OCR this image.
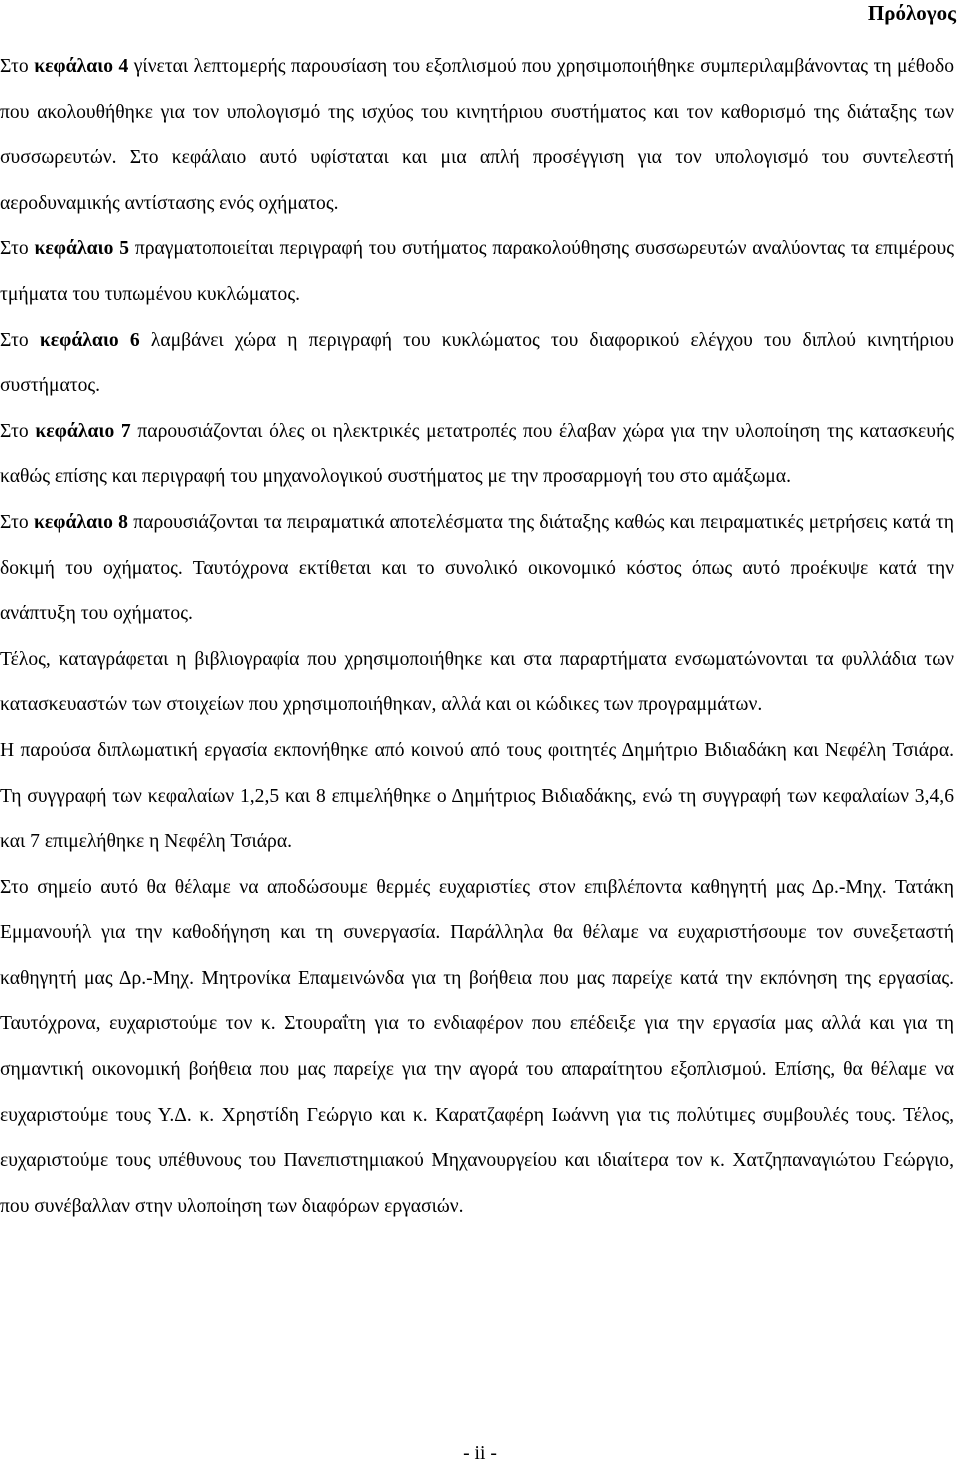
Πρόλογος

Στο κεφάλαιο 4 γίνεται λεπτομερής παρουσίαση του εξοπλισμού που χρησιμοποιήθηκε συμπεριλαμβάνοντας τη μέθοδο που ακολουθήθηκε για τον υπολογισμό της ισχύος του κινητήριου συστήματος και τον καθορισμό της διάταξης των συσσωρευτών. Στο κεφάλαιο αυτό υφίσταται και μια απλή προσέγγιση για τον υπολογισμό του συντελεστή αεροδυναμικής αντίστασης ενός οχήματος.

Στο κεφάλαιο 5 πραγματοποιείται περιγραφή του συτήματος παρακολούθησης συσσωρευτών αναλύοντας τα επιμέρους τμήματα του τυπωμένου κυκλώματος.

Στο κεφάλαιο 6 λαμβάνει χώρα η περιγραφή του κυκλώματος του διαφορικού ελέγχου του διπλού κινητήριου συστήματος.

Στο κεφάλαιο 7 παρουσιάζονται όλες οι ηλεκτρικές μετατροπές που έλαβαν χώρα για την υλοποίηση της κατασκευής καθώς επίσης και περιγραφή του μηχανολογικού συστήματος με την προσαρμογή του στο αμάξωμα.

Στο κεφάλαιο 8 παρουσιάζονται τα πειραματικά αποτελέσματα της διάταξης καθώς και πειραματικές μετρήσεις κατά τη δοκιμή του οχήματος. Ταυτόχρονα εκτίθεται και το συνολικό οικονομικό κόστος όπως αυτό προέκυψε κατά την ανάπτυξη του οχήματος.

Τέλος, καταγράφεται η βιβλιογραφία που χρησιμοποιήθηκε και στα παραρτήματα ενσωματώνονται τα φυλλάδια των κατασκευαστών των στοιχείων που χρησιμοποιήθηκαν, αλλά και οι κώδικες των προγραμμάτων.

Η παρούσα διπλωματική εργασία εκπονήθηκε από κοινού από τους φοιτητές Δημήτριο Βιδιαδάκη και Νεφέλη Τσιάρα. Τη συγγραφή των κεφαλαίων 1,2,5 και 8 επιμελήθηκε ο Δημήτριος Βιδιαδάκης, ενώ τη συγγραφή των κεφαλαίων 3,4,6 και 7 επιμελήθηκε η Νεφέλη Τσιάρα.

Στο σημείο αυτό θα θέλαμε να αποδώσουμε θερμές ευχαριστίες στον επιβλέποντα καθηγητή μας Δρ.-Μηχ. Τατάκη Εμμανουήλ για την καθοδήγηση και τη συνεργασία. Παράλληλα θα θέλαμε να ευχαριστήσουμε τον συνεξεταστή καθηγητή μας Δρ.-Μηχ. Μητρονίκα Επαμεινώνδα για τη βοήθεια που μας παρείχε κατά την εκπόνηση της εργασίας. Ταυτόχρονα, ευχαριστούμε τον κ. Στουραΐτη για το ενδιαφέρον που επέδειξε για την εργασία μας αλλά και για τη σημαντική οικονομική βοήθεια που μας παρείχε για την αγορά του απαραίτητου εξοπλισμού. Επίσης, θα θέλαμε να ευχαριστούμε τους Υ.Δ. κ. Χρηστίδη Γεώργιο και κ. Καρατζαφέρη Ιωάννη για τις πολύτιμες συμβουλές τους. Τέλος, ευχαριστούμε τους υπέθυνους του Πανεπιστημιακού Μηχανουργείου και ιδιαίτερα τον κ. Χατζηπαναγιώτου Γεώργιο, που συνέβαλλαν στην υλοποίηση των διαφόρων εργασιών.

- ii -
